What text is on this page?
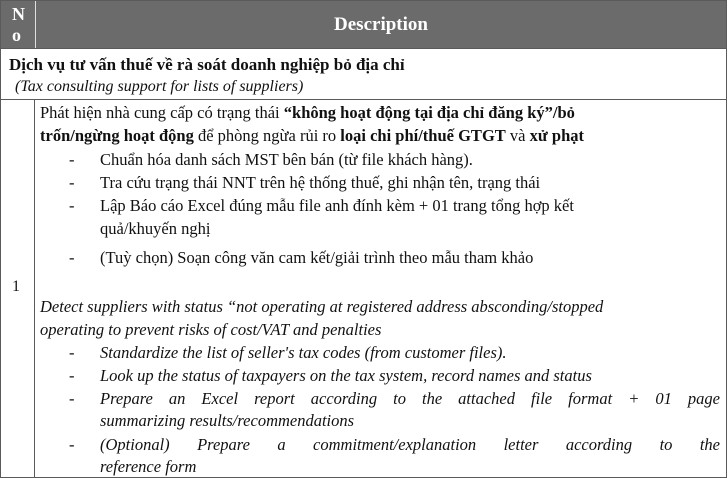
N
o	Description
Dịch vụ tư vấn thuế về rà soát doanh nghiệp bỏ địa chỉ
(Tax consulting support for lists of suppliers)
1
Phát hiện nhà cung cấp có trạng thái “không hoạt động tại địa chỉ đăng ký”/bỏ
trốn/ngừng hoạt động để phòng ngừa rủi ro loại chi phí/thuế GTGT và xử phạt
- Chuẩn hóa danh sách MST bên bán (từ file khách hàng).
- Tra cứu trạng thái NNT trên hệ thống thuế, ghi nhận tên, trạng thái
- Lập Báo cáo Excel đúng mẫu file anh đính kèm + 01 trang tổng hợp kết
quả/khuyến nghị
- (Tuỳ chọn) Soạn công văn cam kết/giải trình theo mẫu tham khảo
Detect suppliers with status “not operating at registered address absconding/stopped
operating to prevent risks of cost/VAT and penalties
- Standardize the list of seller's tax codes (from customer files).
- Look up the status of taxpayers on the tax system, record names and status
- Prepare an Excel report according to the attached file format + 01 page
summarizing results/recommendations
- (Optional) Prepare a commitment/explanation letter according to the
reference form
